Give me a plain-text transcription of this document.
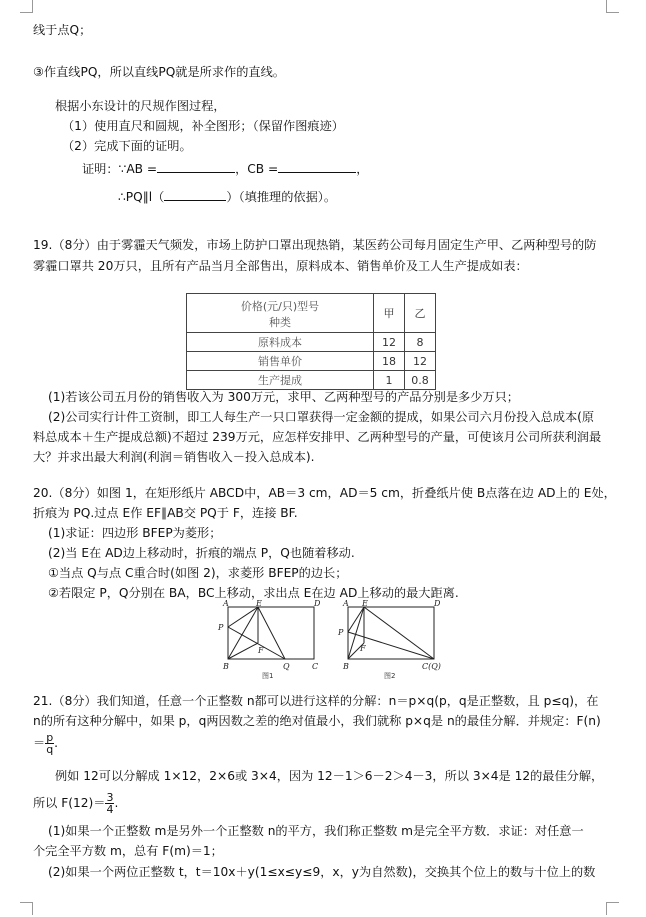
线于点Q；
③作直线PQ，所以直线PQ就是所求作的直线。
根据小东设计的尺规作图过程，
（1）使用直尺和圆规，补全图形；（保留作图痕迹）
（2）完成下面的证明。
证明：∵AB =	，CB =	，
∴PQ∥l（	）（填推理的依据）。
19.（8分）由于雾霾天气频发，市场上防护口罩出现热销，某医药公司每月固定生产甲、乙两种型号的防
雾霾口罩共 20万只，且所有产品当月全部售出，原料成本、销售单价及工人生产提成如表：
价格(元/只)型号
种类	甲	乙
原料成本	12	8
销售单价	18	12
生产提成	1	0.8
(1)若该公司五月份的销售收入为 300万元，求甲、乙两种型号的产品分别是多少万只；
(2)公司实行计件工资制，即工人每生产一只口罩获得一定金额的提成，如果公司六月份投入总成本(原
料总成本＋生产提成总额)不超过 239万元，应怎样安排甲、乙两种型号的产量，可使该月公司所获利润最
大？并求出最大利润(利润＝销售收入－投入总成本).
20.（8分）如图 1，在矩形纸片 ABCD中，AB＝3 cm，AD＝5 cm，折叠纸片使 B点落在边 AD上的 E处，
折痕为 PQ.过点 E作 EF∥AB交 PQ于 F，连接 BF.
(1)求证：四边形 BFEP为菱形；
(2)当 E在 AD边上移动时，折痕的端点 P，Q也随着移动.
①当点 Q与点 C重合时(如图 2)，求菱形 BFEP的边长；
②若限定 P，Q分别在 BA，BC上移动，求出点 E在边 AD上移动的最大距离.
A	E	D
P
F
B	Q	C
图1
A E	D
P
F
B	C(Q)
图2
21.（8分）我们知道，任意一个正整数 n都可以进行这样的分解：n＝p×q(p，q是正整数，且 p≤q)，在
n的所有这种分解中，如果 p，q两因数之差的绝对值最小，我们就称 p×q是 n的最佳分解．并规定：F(n)
＝ $\frac{p}{q}$ .
例如 12可以分解成 1×12，2×6或 3×4，因为 12－1＞6－2＞4－3，所以 3×4是 12的最佳分解，
所以 $F(12)= \frac{3}{4}$ .
(1)如果一个正整数 m是另外一个正整数 n的平方，我们称正整数 m是完全平方数．求证：对任意一
个完全平方数 m，总有 F(m)＝1；
(2)如果一个两位正整数 t，t＝10x＋y(1≤x≤y≤9，x，y为自然数)，交换其个位上的数与十位上的数
